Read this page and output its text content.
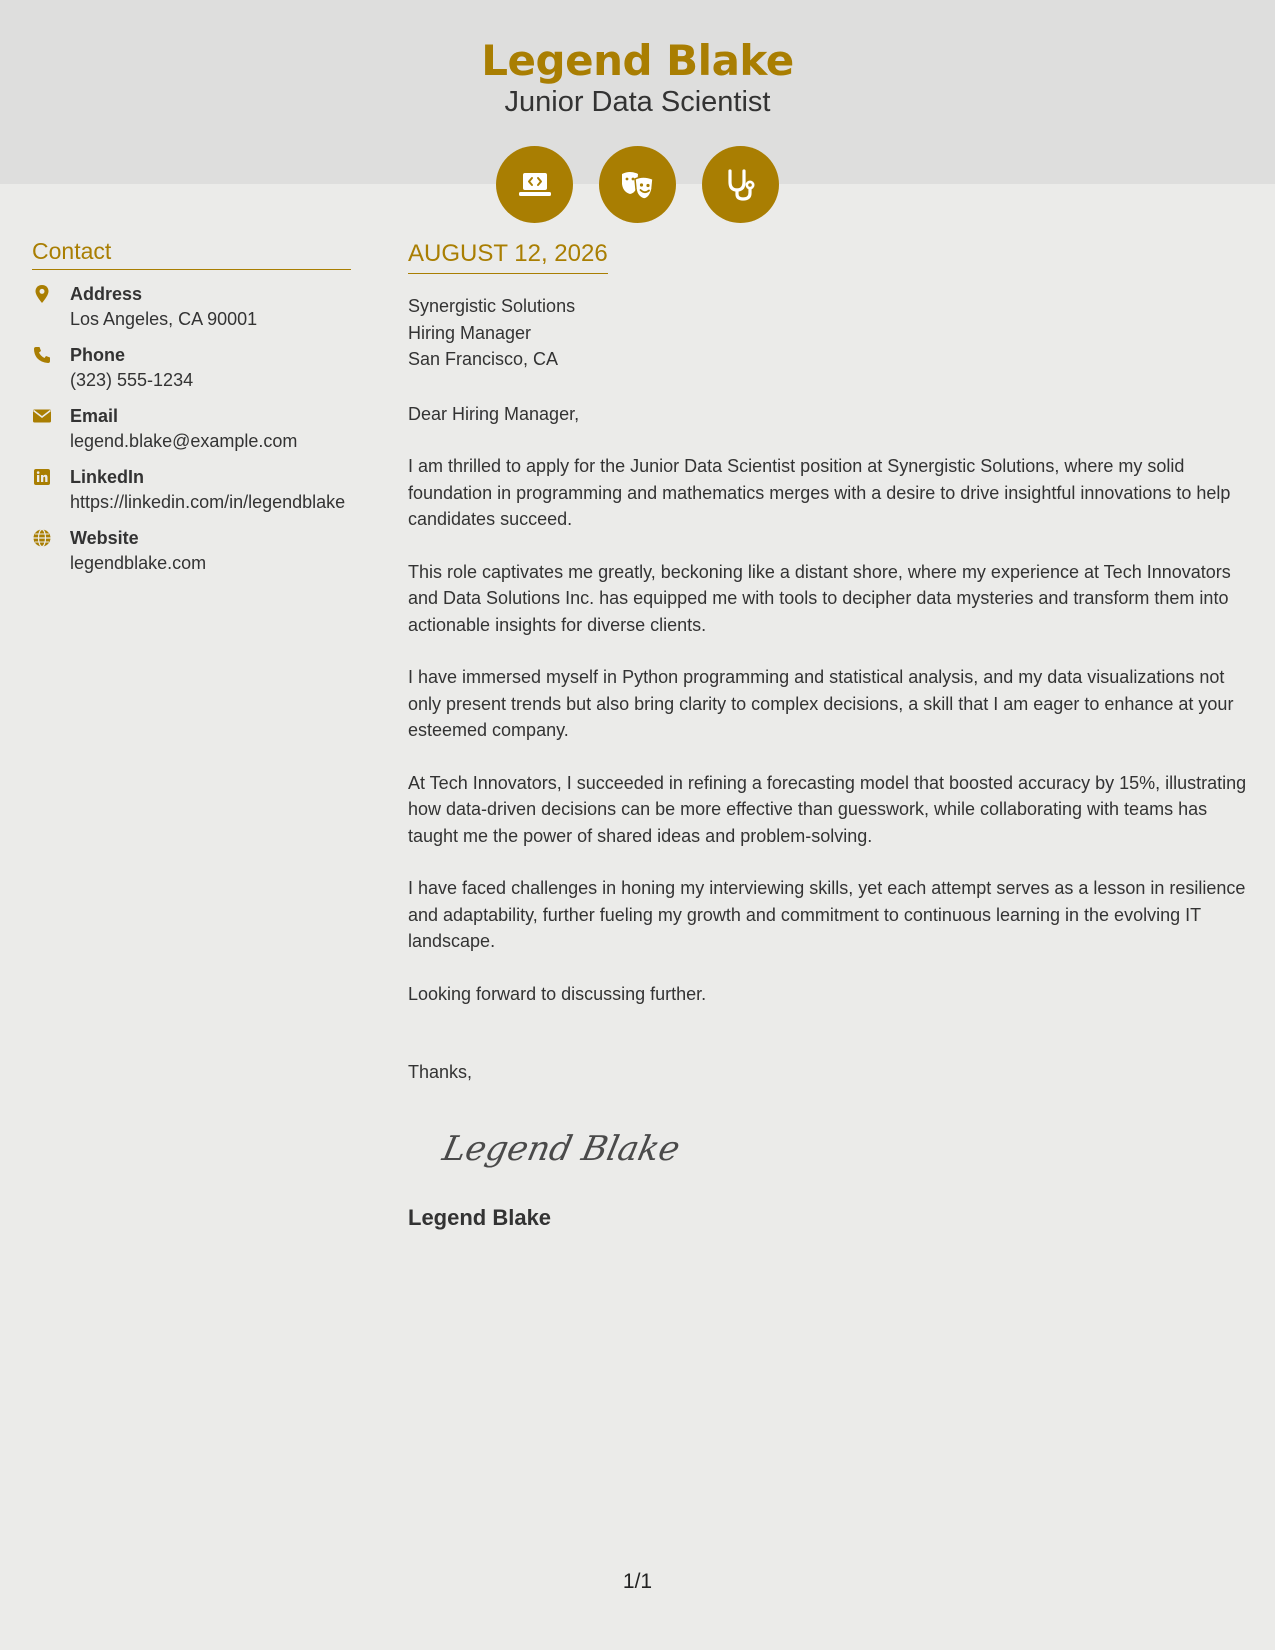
Legend Blake
Junior Data Scientist
Contact
Address
Los Angeles, CA 90001
Phone
(323) 555-1234
Email
legend.blake@example.com
LinkedIn
https://linkedin.com/in/legendblake
Website
legendblake.com
AUGUST 12, 2026
Synergistic Solutions
Hiring Manager
San Francisco, CA
Dear Hiring Manager,
I am thrilled to apply for the Junior Data Scientist position at Synergistic Solutions, where my solid foundation in programming and mathematics merges with a desire to drive insightful innovations to help candidates succeed.
This role captivates me greatly, beckoning like a distant shore, where my experience at Tech Innovators and Data Solutions Inc. has equipped me with tools to decipher data mysteries and transform them into actionable insights for diverse clients.
I have immersed myself in Python programming and statistical analysis, and my data visualizations not only present trends but also bring clarity to complex decisions, a skill that I am eager to enhance at your esteemed company.
At Tech Innovators, I succeeded in refining a forecasting model that boosted accuracy by 15%, illustrating how data-driven decisions can be more effective than guesswork, while collaborating with teams has taught me the power of shared ideas and problem-solving.
I have faced challenges in honing my interviewing skills, yet each attempt serves as a lesson in resilience and adaptability, further fueling my growth and commitment to continuous learning in the evolving IT landscape.
Looking forward to discussing further.
Thanks,
Legend Blake
Legend Blake
1/1
